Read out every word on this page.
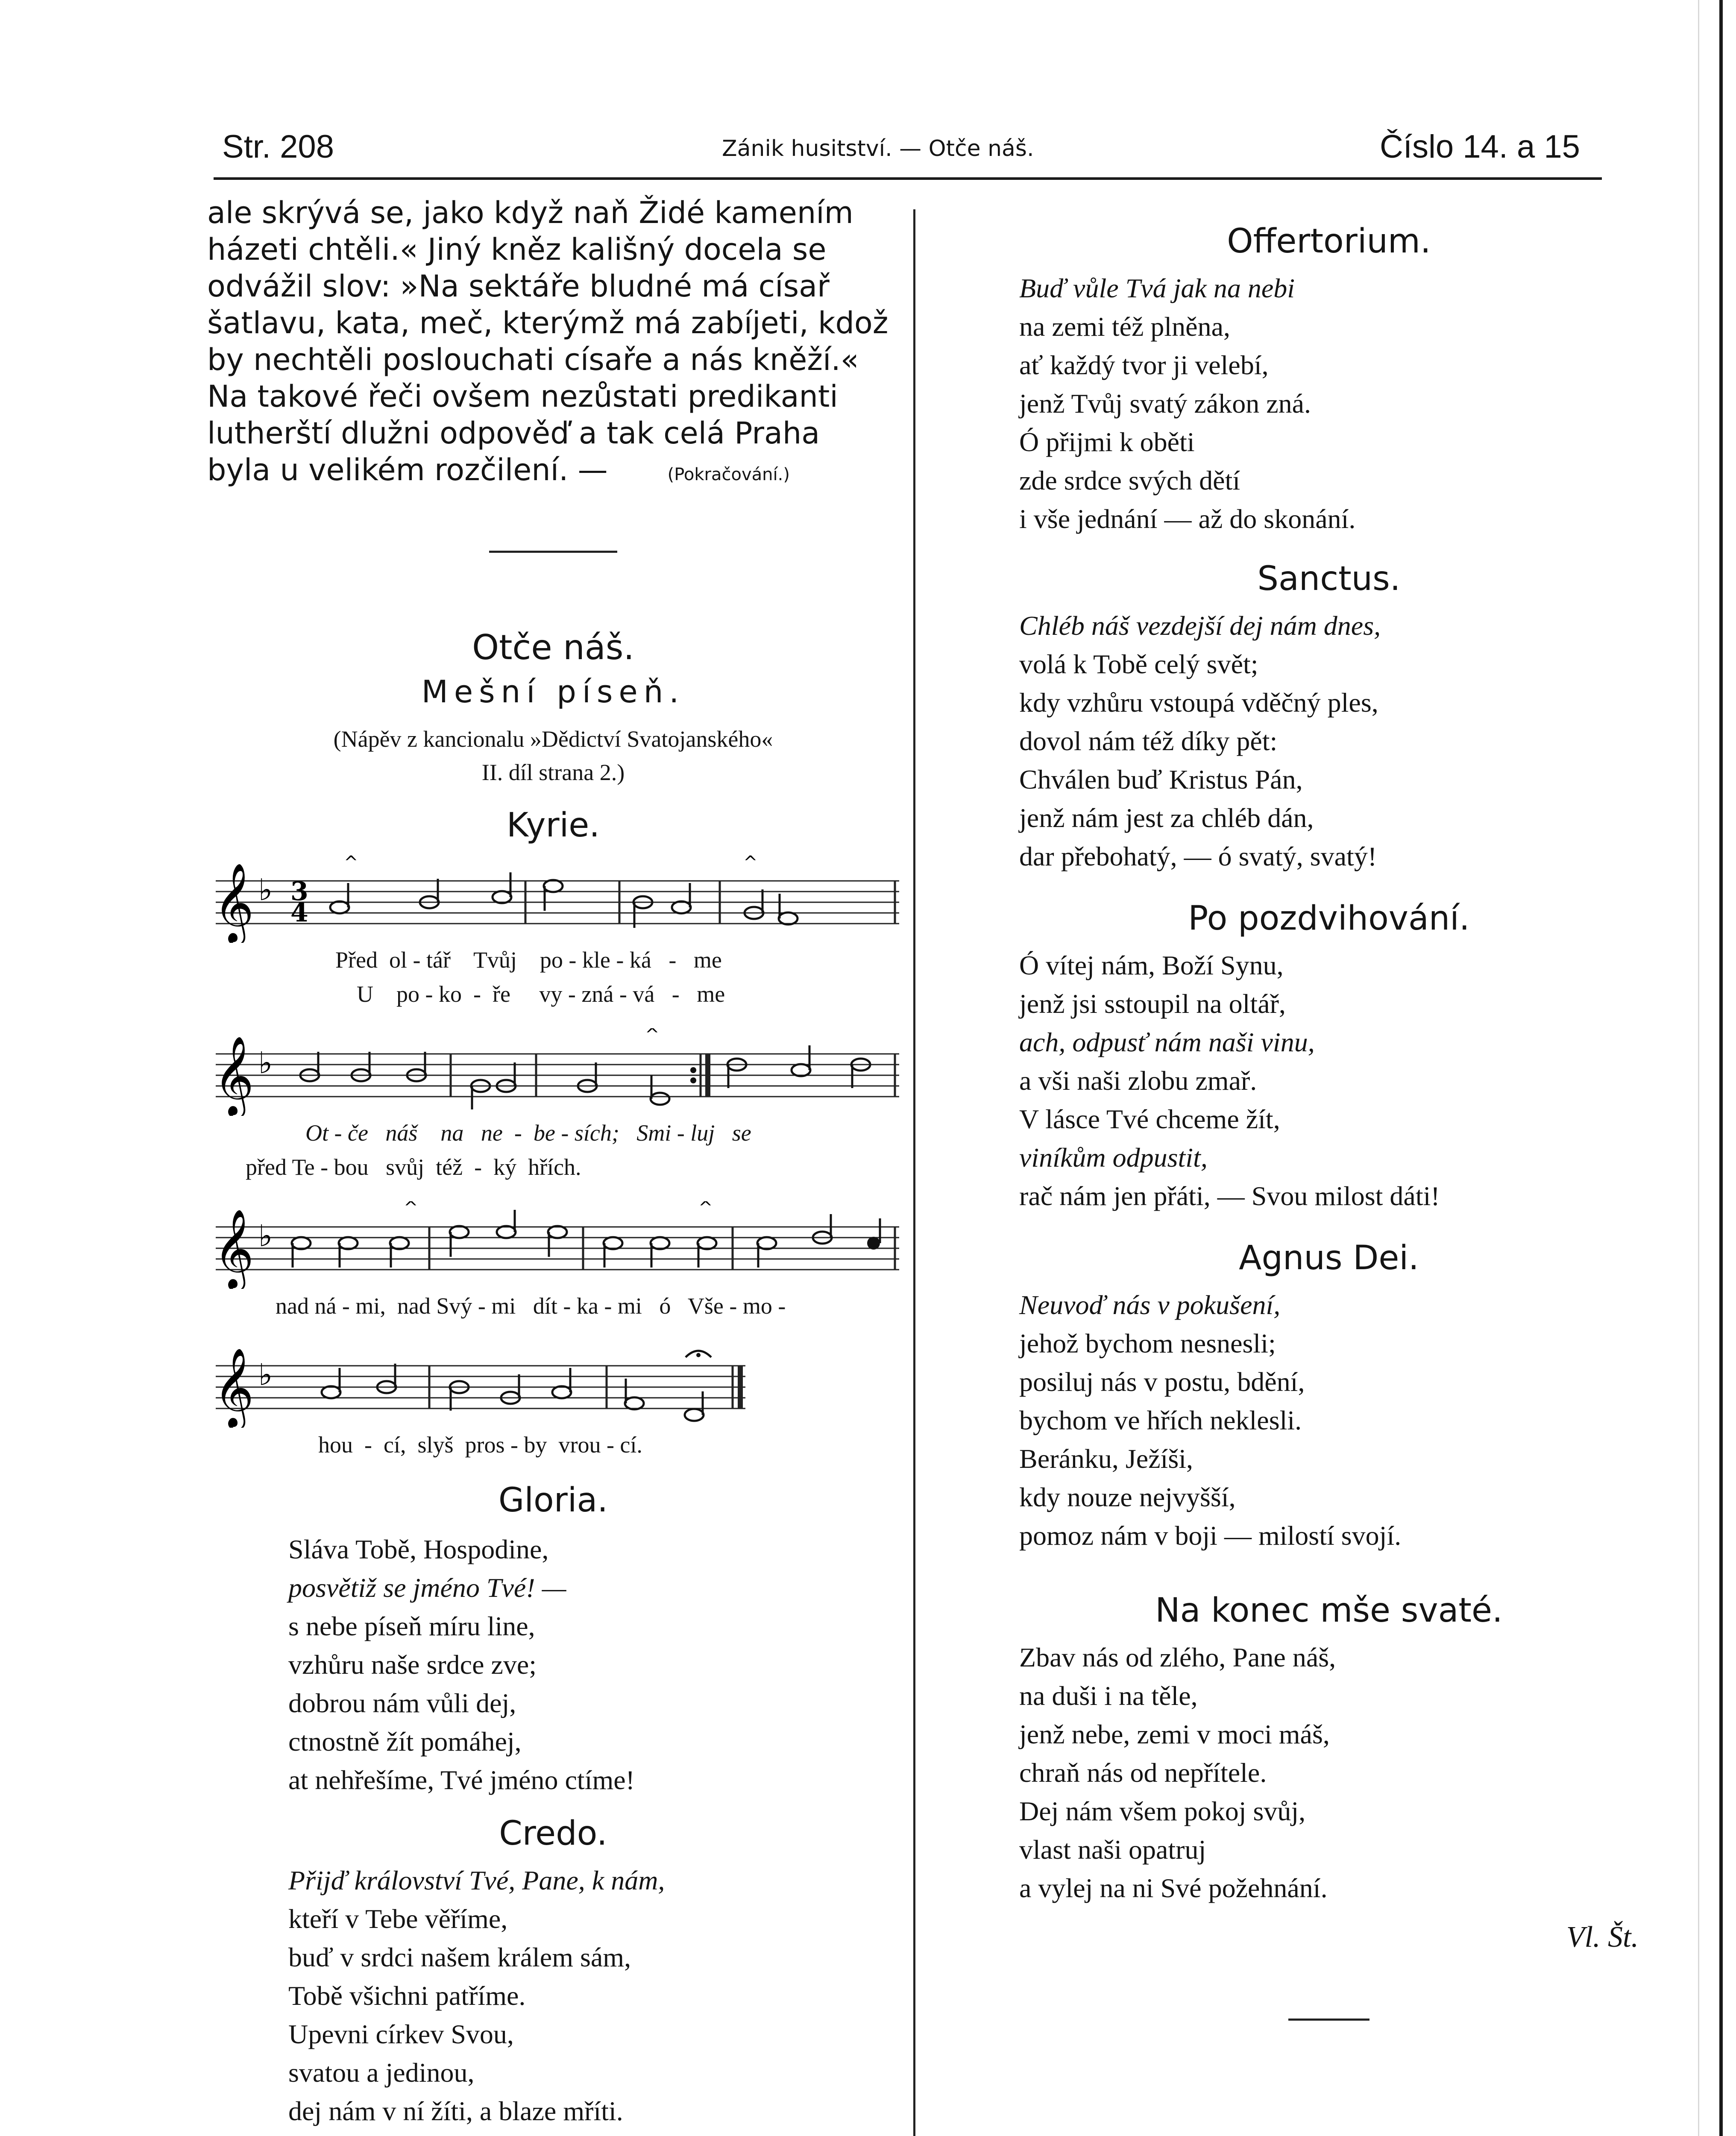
Str. 208	Zánik husitství. — Otče náš.	Číslo 14. a 15

ale skrývá se, jako když naň Židé kamením

házeti chtěli.« Jiný kněz kališný docela se

odvážil slov: »Na sektáře bludné má císař

šatlavu, kata, meč, kterýmž má zabíjeti, kdož

by nechtěli poslouchati císaře a nás kněží.«

Na takové řeči ovšem nezůstati predikanti

lutherští dlužni odpověď a tak celá Praha

byla u velikém rozčilení. —	(Pokračování.)

Otče náš.

Mešní píseň.

(Nápěv z kancionalu »Dědictví Svatojanského«

II. díl strana 2.)

Kyrie.

𝄞 ♭ 3
4
^	^

Před  ol - tář    Tvůj    po - kle - ká   -   me

U    po - ko  -  ře     vy - zná - vá   -   me

𝄞 ♭
^

Ot - če   náš    na   ne  -  be - sích;   Smi - luj   se

před Te - bou   svůj  též  -  ký  hřích.

𝄞 ♭
^	^

nad ná - mi,  nad Svý - mi   dít - ka - mi   ó   Vše - mo -

𝄞 ♭

hou  -  cí,  slyš  pros - by  vrou - cí.

Gloria.

Sláva Tobě, Hospodine,
posvětiž se jméno Tvé! —
s nebe píseň míru line,
vzhůru naše srdce zve;
dobrou nám vůli dej,
ctnostně žít pomáhej,
at nehřešíme, Tvé jméno ctíme!

Credo.

Přijď království Tvé, Pane, k nám,
kteří v Tebe věříme,
buď v srdci našem králem sám,
Tobě všichni patříme.
Upevni církev Svou,
svatou a jedinou,
dej nám v ní žíti, a blaze mříti.

Offertorium.

Buď vůle Tvá jak na nebi
na zemi též plněna,
ať každý tvor ji velebí,
jenž Tvůj svatý zákon zná.
Ó přijmi k oběti
zde srdce svých dětí
i vše jednání — až do skonání.

Sanctus.

Chléb náš vezdejší dej nám dnes,
volá k Tobě celý svět;
kdy vzhůru vstoupá vděčný ples,
dovol nám též díky pět:
Chválen buď Kristus Pán,
jenž nám jest za chléb dán,
dar přebohatý, — ó svatý, svatý!

Po pozdvihování.

Ó vítej nám, Boží Synu,
jenž jsi sstoupil na oltář,
ach, odpusť nám naši vinu,
a vši naši zlobu zmař.
V lásce Tvé chceme žít,
viníkům odpustit,
rač nám jen přáti, — Svou milost dáti!

Agnus Dei.

Neuvoď nás v pokušení,
jehož bychom nesnesli;
posiluj nás v postu, bdění,
bychom ve hřích neklesli.
Beránku, Ježíši,
kdy nouze nejvyšší,
pomoz nám v boji — milostí svojí.

Na konec mše svaté.

Zbav nás od zlého, Pane náš,
na duši i na těle,
jenž nebe, zemi v moci máš,
chraň nás od nepřítele.
Dej nám všem pokoj svůj,
vlast naši opatruj
a vylej na ni Své požehnání.

Vl. Št.
